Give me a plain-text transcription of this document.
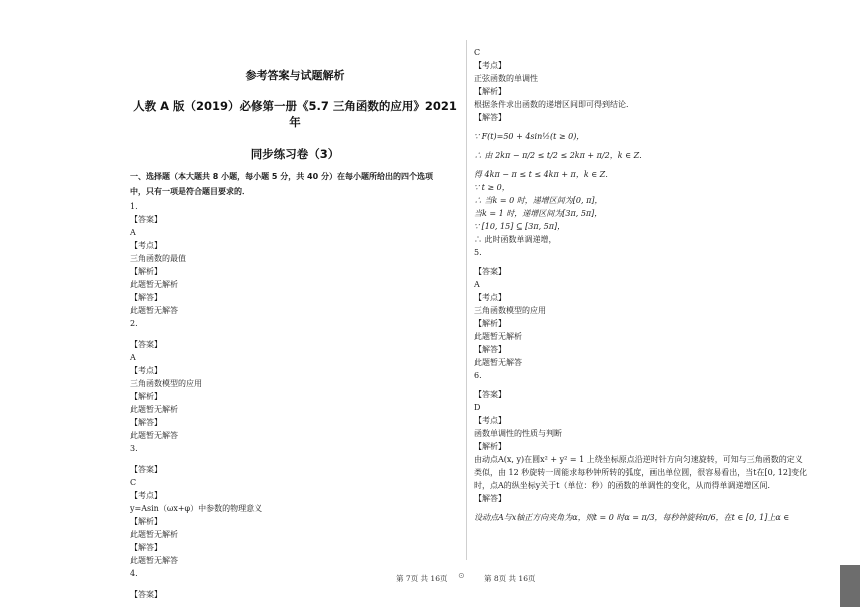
参考答案与试题解析
人教 A 版（2019）必修第一册《5.7 三角函数的应用》2021 年
同步练习卷（3）
一、选择题（本大题共 8 小题，每小题 5 分，共 40 分）在每小题所给出的四个选项
中，只有一项是符合题目要求的．
1.
【答案】
A
【考点】
三角函数的最值
【解析】
此题暂无解析
【解答】
此题暂无解答
2.
【答案】
A
【考点】
三角函数模型的应用
【解析】
此题暂无解析
【解答】
此题暂无解答
3.
【答案】
C
【考点】
y=Asin（ωx+φ）中参数的物理意义
【解析】
此题暂无解析
【解答】
此题暂无解答
4.
【答案】
C
【考点】
正弦函数的单调性
【解析】
根据条件求出函数的递增区间即可得到结论．
【解答】
∵ F(t)=50 + 4sin½(t ≥ 0)，
∴ 由 2kπ − π/2 ≤ t/2 ≤ 2kπ + π/2，k ∈ Z．
得 4kπ − π ≤ t ≤ 4kπ + π，k ∈ Z．
∵ t ≥ 0，
∴ 当k = 0 时，递增区间为[0, π]，
当k = 1 时，递增区间为[3π, 5π]，
∵ [10, 15] ⊆ [3π, 5π]，
∴ 此时函数单调递增，
5.
【答案】
A
【考点】
三角函数模型的应用
【解析】
此题暂无解析
【解答】
此题暂无解答
6.
【答案】
D
【考点】
函数单调性的性质与判断
【解析】
由动点A(x, y)在圆x² + y² = 1 上绕坐标原点沿逆时针方向匀速旋转，可知与三角函数的定义类似，由 12 秒旋转一周能求每秒钟所转的弧度，画出单位圆，很容易看出，当t在[0, 12]变化时，点A的纵坐标y关于t（单位：秒）的函数的单调性的变化，从而得单调递增区间．
【解答】
设动点A与x轴正方向夹角为α，则t = 0 时α = π/3，每秒钟旋转π/6，在t ∈ [0, 1]上α ∈
第 7页 共 16页 ⊙	第 8页 共 16页
